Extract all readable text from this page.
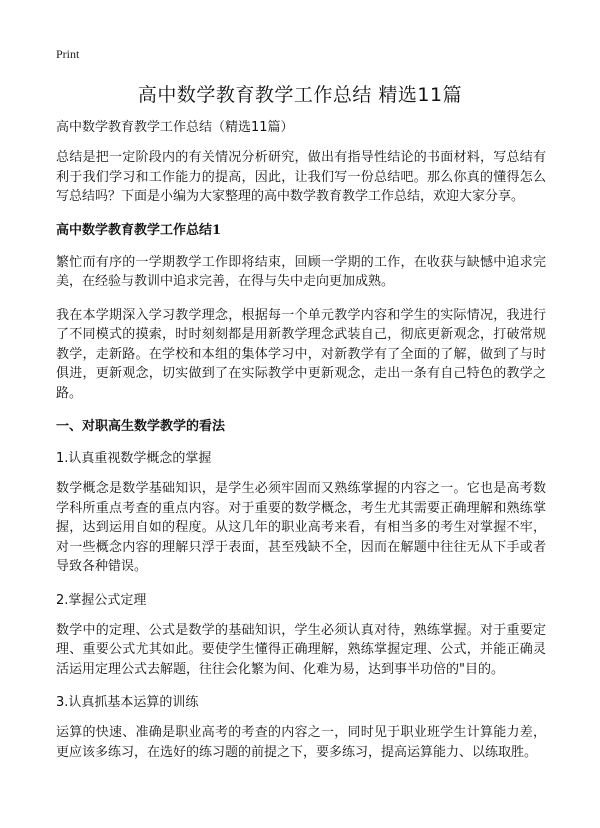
Print
高中数学教育教学工作总结 精选11篇
高中数学教育教学工作总结（精选11篇）

总结是把一定阶段内的有关情况分析研究，做出有指导性结论的书面材料，写总结有利于我们学习和工作能力的提高，因此，让我们写一份总结吧。那么你真的懂得怎么写总结吗？下面是小编为大家整理的高中数学教育教学工作总结，欢迎大家分享。

高中数学教育教学工作总结1

繁忙而有序的一学期教学工作即将结束，回顾一学期的工作，在收获与缺憾中追求完美，在经验与教训中追求完善，在得与失中走向更加成熟。

我在本学期深入学习教学理念，根据每一个单元教学内容和学生的实际情况，我进行了不同模式的摸索，时时刻刻都是用新教学理念武装自己，彻底更新观念，打破常规教学，走新路。在学校和本组的集体学习中，对新教学有了全面的了解，做到了与时俱进，更新观念，切实做到了在实际教学中更新观念，走出一条有自己特色的教学之路。

一、对职高生数学教学的看法
1.认真重视数学概念的掌握

数学概念是数学基础知识，是学生必须牢固而又熟练掌握的内容之一。它也是高考数学科所重点考查的重点内容。对于重要的数学概念，考生尤其需要正确理解和熟练掌握，达到运用自如的程度。从这几年的职业高考来看，有相当多的考生对掌握不牢，对一些概念内容的理解只浮于表面，甚至残缺不全，因而在解题中往往无从下手或者导致各种错误。

2.掌握公式定理

数学中的定理、公式是数学的基础知识，学生必须认真对待，熟练掌握。对于重要定理、重要公式尤其如此。要使学生懂得正确理解，熟练掌握定理、公式，并能正确灵活运用定理公式去解题，往往会化繁为间、化难为易，达到事半功倍的"目的。

3.认真抓基本运算的训练

运算的快速、准确是职业高考的考查的内容之一，同时见于职业班学生计算能力差，更应该多练习，在选好的练习题的前提之下，要多练习，提高运算能力、以练取胜。
